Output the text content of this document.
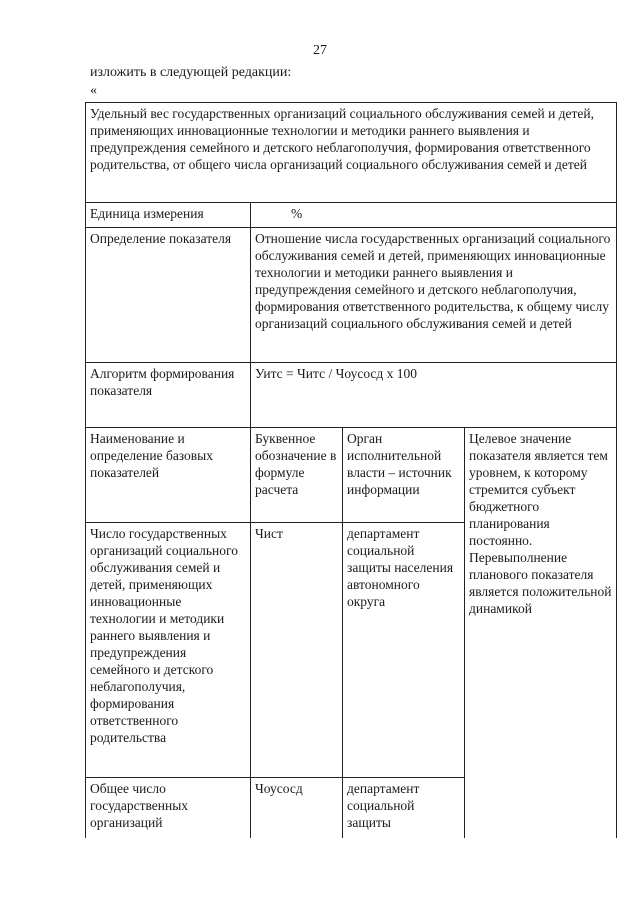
27
изложить в следующей редакции:
«
Удельный вес государственных организаций социального обслуживания семей и детей, применяющих инновационные технологии и методики раннего выявления и предупреждения семейного и детского неблагополучия, формирования ответственного родительства, от общего числа организаций социального обслуживания семей и детей			
Единица измерения	%		
Определение показателя	Отношение числа государственных организаций социального обслуживания семей и детей, применяющих инновационные технологии и методики раннего выявления и предупреждения семейного и детского неблагополучия, формирования ответственного родительства, к общему числу организаций социального обслуживания семей и детей		
Алгоритм формирования показателя	Уитс = Читс / Чоусосд х 100		
Наименование и определение базовых показателей	Буквенное обозначение в формуле расчета	Орган исполнительной власти – источник информации	Целевое значение показателя является тем уровнем, к которому стремится субъект бюджетного планирования постоянно. Перевыполнение планового показателя является положительной динамикой
Число государственных организаций социального обслуживания семей и детей, применяющих инновационные технологии и методики раннего выявления и предупреждения семейного и детского неблагополучия, формирования ответственного родительства	Чист	департамент социальной защиты населения автономного округа	
Общее число государственных организаций	Чоусосд	департамент социальной защиты	
